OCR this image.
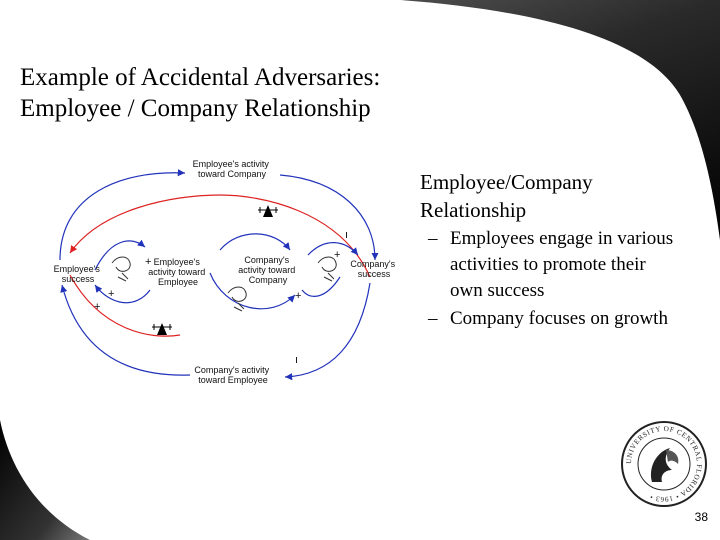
Example of Accidental Adversaries:
Employee / Company Relationship
Employee's activity toward Company
Employee's success
Employee's activity toward Employee
Company's activity toward Company
Company's success
Company's activity toward Employee
+
+
+
+
+
ı
ı
Employee/Company
Relationship
– Employees engage in various activities to promote their own success
– Company focuses on growth
UNIVERSITY OF CENTRAL FLORIDA • 1963 •
38
